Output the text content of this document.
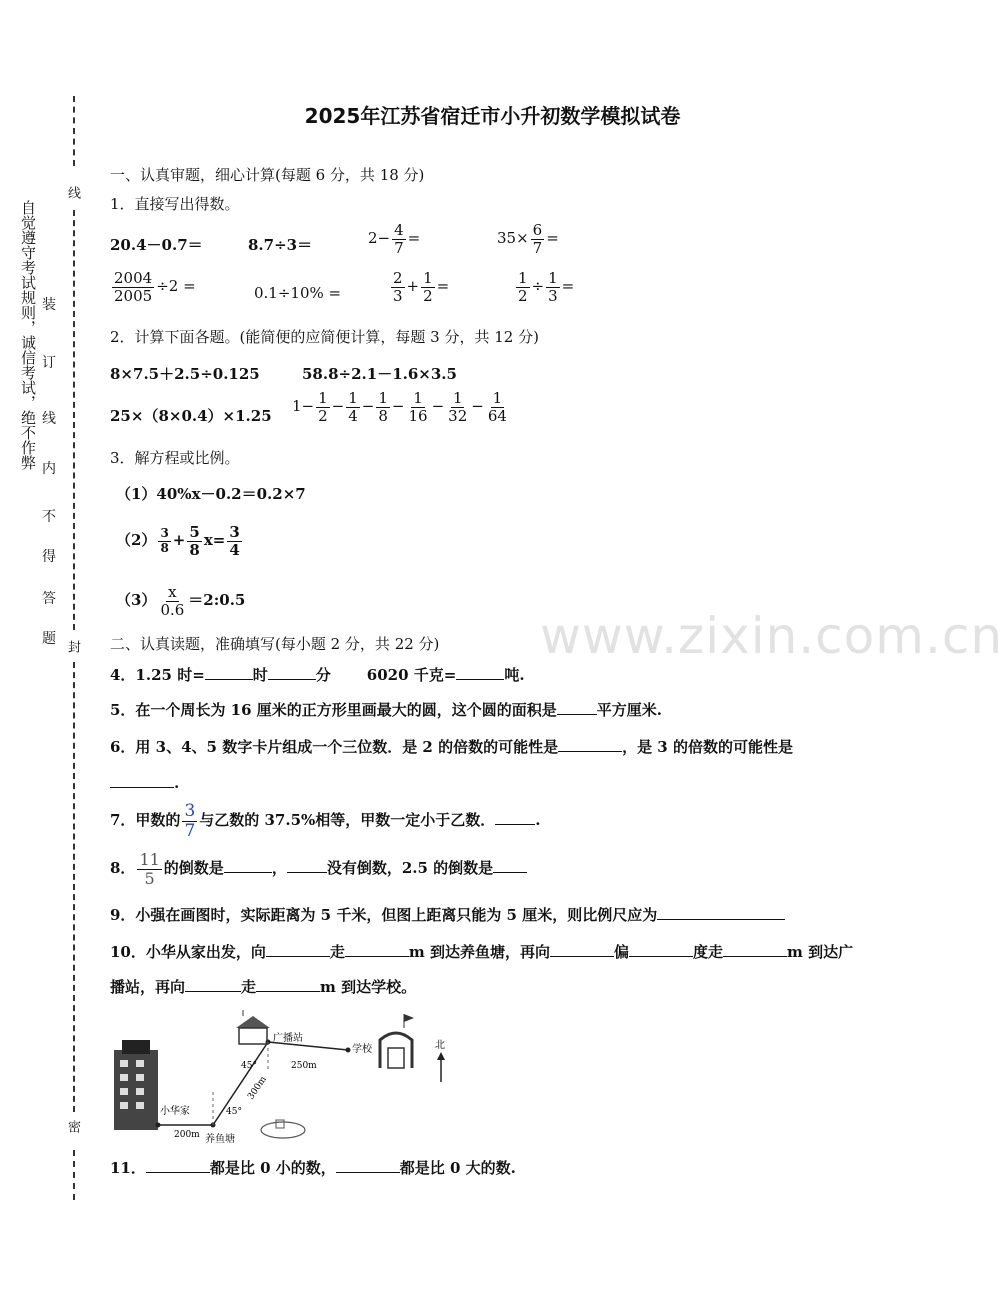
线
封
密
自觉遵守考试规则，诚信考试，绝不作弊 装
订
线
内
不
得
答
题	www.zixin.com.cn
2025年江苏省宿迁市小升初数学模拟试卷
一、认真审题，细心计算(每题 6 分，共 18 分)
1．直接写出得数。
20.4－0.7＝	8.7÷3＝	$2- \frac{4}{7}$ =	$35\times \frac{6}{7}$ =
$\frac{2004}{2005} \div 2$ =	0.1÷10% =	$\frac{2}{3} + \frac{1}{2}$ =	$\frac{1}{2} \div \frac{1}{3}$ =
2．计算下面各题。(能简便的应简便计算，每题 3 分，共 12 分)
8×7.5＋2.5÷0.125	58.8÷2.1－1.6×3.5
25×（8×0.4）×1.25
$1- \frac{1}{2} - \frac{1}{4} - \frac{1}{8} - \frac{1}{16} - \frac{1}{32} - \frac{1}{64}$
3．解方程或比例。
（1）40%x－0.2＝0.2×7
$(2) \frac{3}{8} + \frac{5}{8} x= \frac{3}{4}$
$(3) \frac{x}{0.6}$ ＝2:0.5
二、认真读题，准确填写(每小题 2 分，共 22 分)
4．1.25 时=	时	分 6020 千克=	吨.
5．在一个周长为 16 厘米的正方形里画最大的圆，这个圆的面积是	平方厘米.
6．用 3、4、5 数字卡片组成一个三位数．是 2 的倍数的可能性是	，是 3 的倍数的可能性是
.
7．甲数的 $\frac{3}{7}$ 与乙数的 37.5%相等，甲数一定小于乙数．	.
8． $\frac{11}{5}$ 的倒数是	，	没有倒数，2.5 的倒数是
9．小强在画图时，实际距离为 5 千米，但图上距离只能为 5 厘米，则比例尺应为
10．小华从家出发，向	走	m 到达养鱼塘，再向	偏	度走	m 到达广
播站，再向	走	m 到达学校。
北
广播站
学校
小华家
养鱼塘
250m
300m
200m
45°
45°
11．	都是比 0 小的数，	都是比 0 大的数.
